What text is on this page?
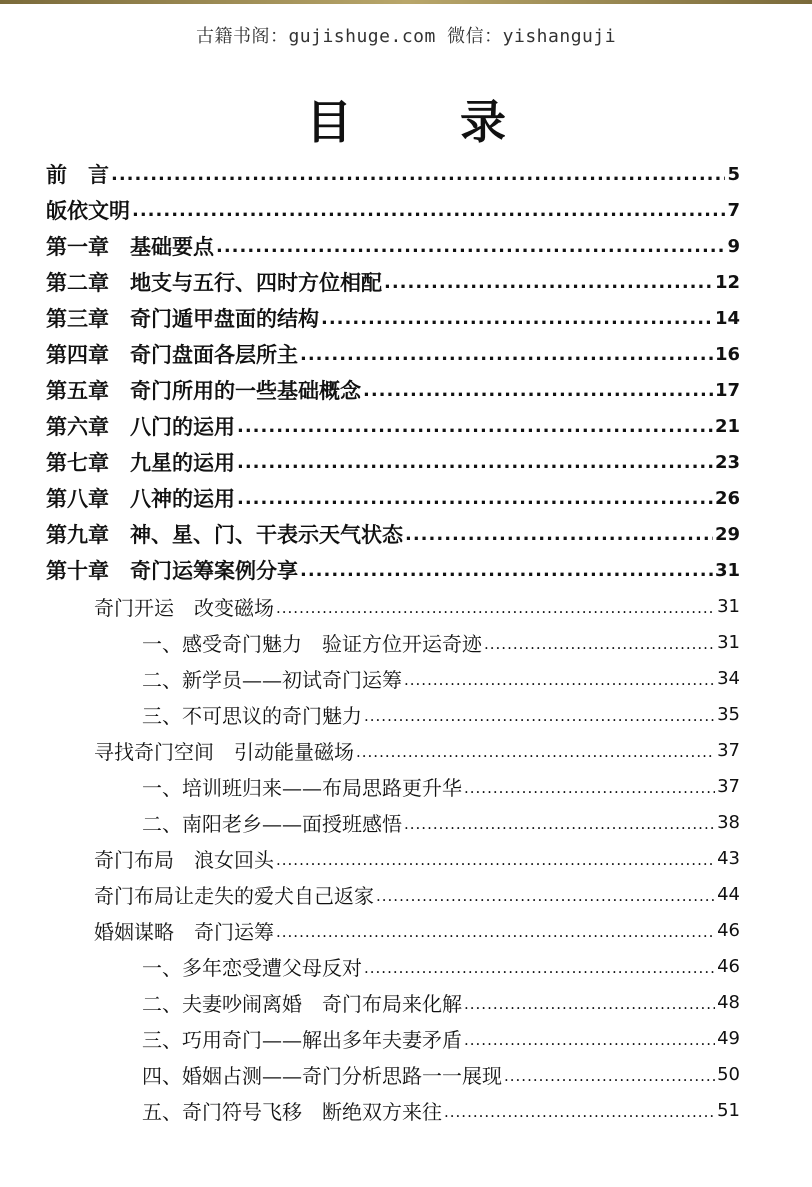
古籍书阁：gujishuge.com 微信：yishanguji
目 录
前　言 .....	5
皈依文明 .....	7
第一章　基础要点 .....	9
第二章　地支与五行、四时方位相配 .....	12
第三章　奇门遁甲盘面的结构 .....	14
第四章　奇门盘面各层所主 .....	16
第五章　奇门所用的一些基础概念 .....	17
第六章　八门的运用 .....	21
第七章　九星的运用 .....	23
第八章　八神的运用 .....	26
第九章　神、星、门、干表示天气状态 .....	29
第十章　奇门运筹案例分享 .....	31
奇门开运　改变磁场 .....	31
一、感受奇门魅力　验证方位开运奇迹 .....	31
二、新学员——初试奇门运筹 .....	34
三、不可思议的奇门魅力 .....	35
寻找奇门空间　引动能量磁场 .....	37
一、培训班归来——布局思路更升华 .....	37
二、南阳老乡——面授班感悟 .....	38
奇门布局　浪女回头 .....	43
奇门布局让走失的爱犬自己返家 .....	44
婚姻谋略　奇门运筹 .....	46
一、多年恋受遭父母反对 .....	46
二、夫妻吵闹离婚　奇门布局来化解 .....	48
三、巧用奇门——解出多年夫妻矛盾 .....	49
四、婚姻占测——奇门分析思路一一展现 .....	50
五、奇门符号飞移　断绝双方来往 .....	51
